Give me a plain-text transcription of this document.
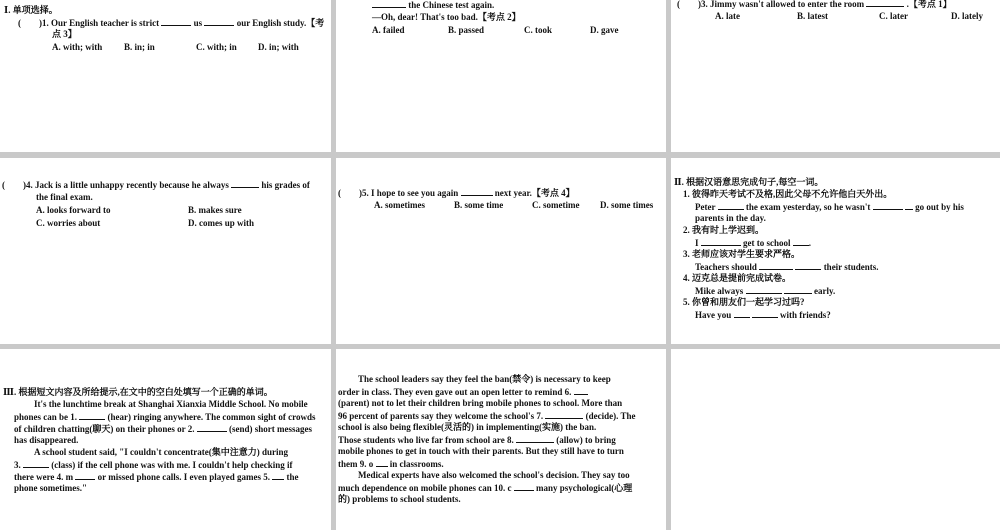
Ⅰ. 单项选择。
(　　)1. Our English teacher is strict	us	our English study.【考
点 3】
A. with; with B. in; in	C. with; in D. in; with
the Chinese test again.
—Oh, dear! That's too bad.【考点 2】
A. failed	B. passed	C. took	D. gave
(　　)3. Jimmy wasn't allowed to enter the room	.【考点 1】
A. late	B. latest	C. later	D. lately
(　　)4. Jack is a little unhappy recently because he always	his grades of
the final exam.
A. looks forward to	B. makes sure
C. worries about	D. comes up with
(　　)5. I hope to see you again	next year.【考点 4】
A. sometimes	B. some time	C. sometime D. some times
Ⅱ. 根据汉语意思完成句子,每空一词。
1. 彼得昨天考试不及格,因此父母不允许他白天外出。
Peter	the exam yesterday, so he wasn't	go out by his
parents in the day.
2. 我有时上学迟到。
I	get to school .
3. 老师应该对学生要求严格。
Teachers should	their students.
4. 迈克总是提前完成试卷。
Mike always	early.
5. 你曾和朋友们一起学习过吗?
Have you	with friends?
Ⅲ. 根据短文内容及所给提示,在文中的空白处填写一个正确的单词。
It's the lunchtime break at Shanghai Xianxia Middle School. No mobile
phones can be 1.	(hear) ringing anywhere. The common sight of crowds
of children chatting(聊天) on their phones or 2.	(send) short messages
has disappeared.
A school student said, "I couldn't concentrate(集中注意力) during
3.	(class) if the cell phone was with me. I couldn't help checking if
there were 4. m	or missed phone calls. I even played games 5. the
phone sometimes."
The school leaders say they feel the ban(禁令) is necessary to keep
order in class. They even gave out an open letter to remind 6.
(parent) not to let their children bring mobile phones to school. More than
96 percent of parents say they welcome the school's 7.	(decide). The
school is also being flexible(灵活的) in implementing(实施) the ban.
Those students who live far from school are 8.	(allow) to bring
mobile phones to get in touch with their parents. But they still have to turn
them 9. o in classrooms.
Medical experts have also welcomed the school's decision. They say too
much dependence on mobile phones can 10. c	many psychological(心理
的) problems to school students.
